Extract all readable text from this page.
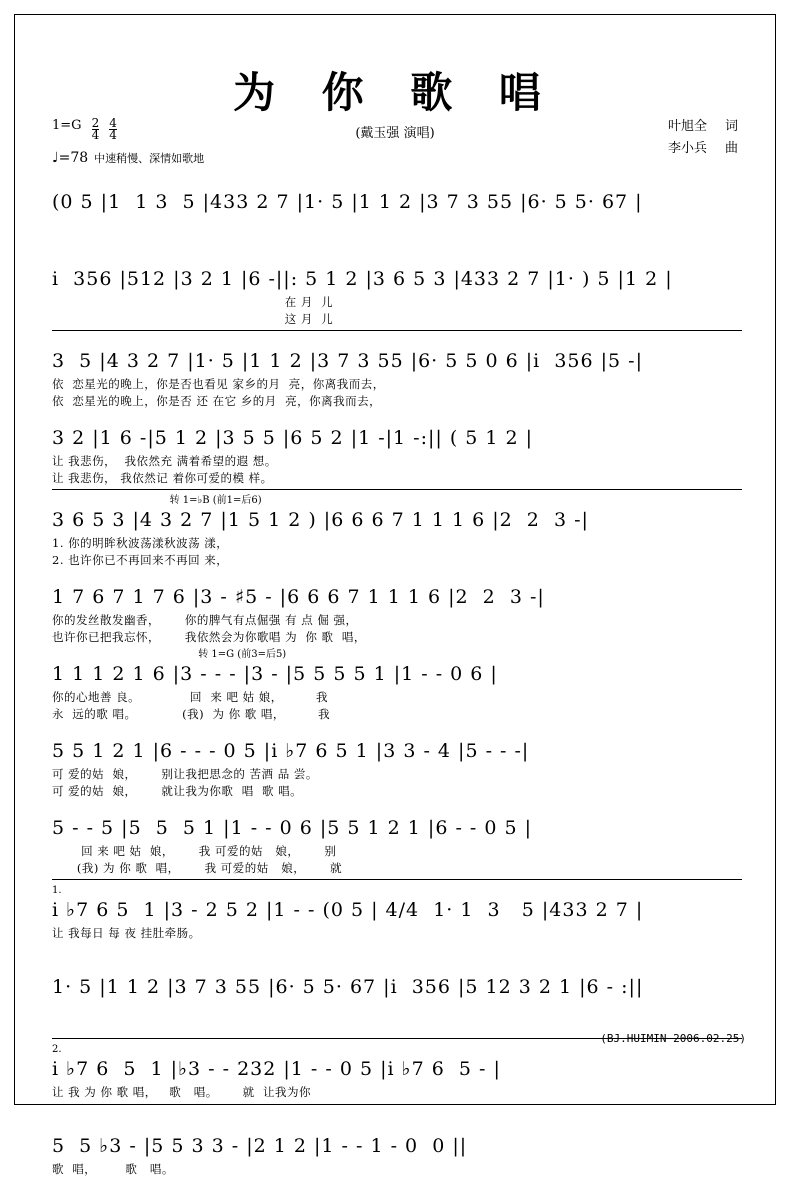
为 你 歌 唱
(戴玉强 演唱)	叶旭全 词
李小兵 曲
$1=G \frac{2}{4} \frac{4}{4}$
♩=78 中速稍慢、深情如歌地
(0 5 |1  1 3  5 |433 2 7 |1· 5 |1 1 2 |3 7 3 55 |6· 5 5· 67 |
i  356 |512 |3 2 1 |6 -||: 5 1 2 |3 6 5 3 |433 2 7 |1· ) 5 |1 2 |
在 月  儿
这 月  儿
3  5 |4 3 2 7 |1· 5 |1 1 2 |3 7 3 55 |6· 5 5 0 6 |i  356 |5 -|
依  恋星光的晚上，你是否也看见 家乡的月  亮，你离我而去，
依  恋星光的晚上，你是否 还 在它 乡的月  亮，你离我而去，
3 2 |1 6 -|5 1 2 |3 5 5 |6 5 2 |1 -|1 -:|| ( 5 1 2 |
让 我悲伤，  我依然充 满着希望的遐 想。
让 我悲伤， 我依然记 着你可爱的模 样。
转 1=♭B (前1=后6)
3 6 5 3 |4 3 2 7 |1 5 1 2 ) |6 6 6 7 1 1 1 6 |2  2  3 -|
1. 你的明眸秋波荡漾秋波荡 漾，
2. 也许你已不再回来不再回 来，
1 7 6 7 1 7 6 |3 - ♯5 - |6 6 6 7 1 1 1 6 |2  2  3 -|
你的发丝散发幽香，      你的脾气有点倔强 有 点 倔 强，
也许你已把我忘怀，      我依然会为你歌唱 为  你 歌  唱，
转 1=G (前3=后5)
1 1 1 2 1 6 |3 - - - |3 - |5 5 5 5 1 |1 - - 0 6 |
你的心地善 良。            回  来 吧 姑 娘，        我
永  远的歌 唱。           (我)  为 你 歌 唱，        我
5 5 1 2 1 |6 - - - 0 5 |i ♭7 6 5 1 |3 3 - 4 |5 - - -|
可 爱的姑  娘，      别让我把思念的 苦酒 品 尝。
可 爱的姑  娘，      就让我为你歌  唱  歌 唱。
5 - - 5 |5  5  5 1 |1 - - 0 6 |5 5 1 2 1 |6 - - 0 5 |
回 来 吧 姑  娘，      我 可爱的姑   娘，      别
(我) 为 你 歌  唱，      我 可爱的姑   娘，      就
1.
i ♭7 6 5  1 |3 - 2 5 2 |1 - - (0 5 | 4/4  1· 1  3   5 |433 2 7 |
让 我每日 每 夜 挂肚牵肠。
1· 5 |1 1 2 |3 7 3 55 |6· 5 5· 67 |i  356 |5 12 3 2 1 |6 - :||
2.
i ♭7 6  5  1 |♭3 - - 232 |1 - - 0 5 |i ♭7 6  5 - |
让 我 为 你 歌 唱，   歌   唱。      就  让我为你
5  5 ♭3 - |5 5 3 3 - |2 1 2 |1 - - 1 - 0  0 ||
歌  唱，       歌   唱。
(BJ.HUIMIN 2006.02.25)
